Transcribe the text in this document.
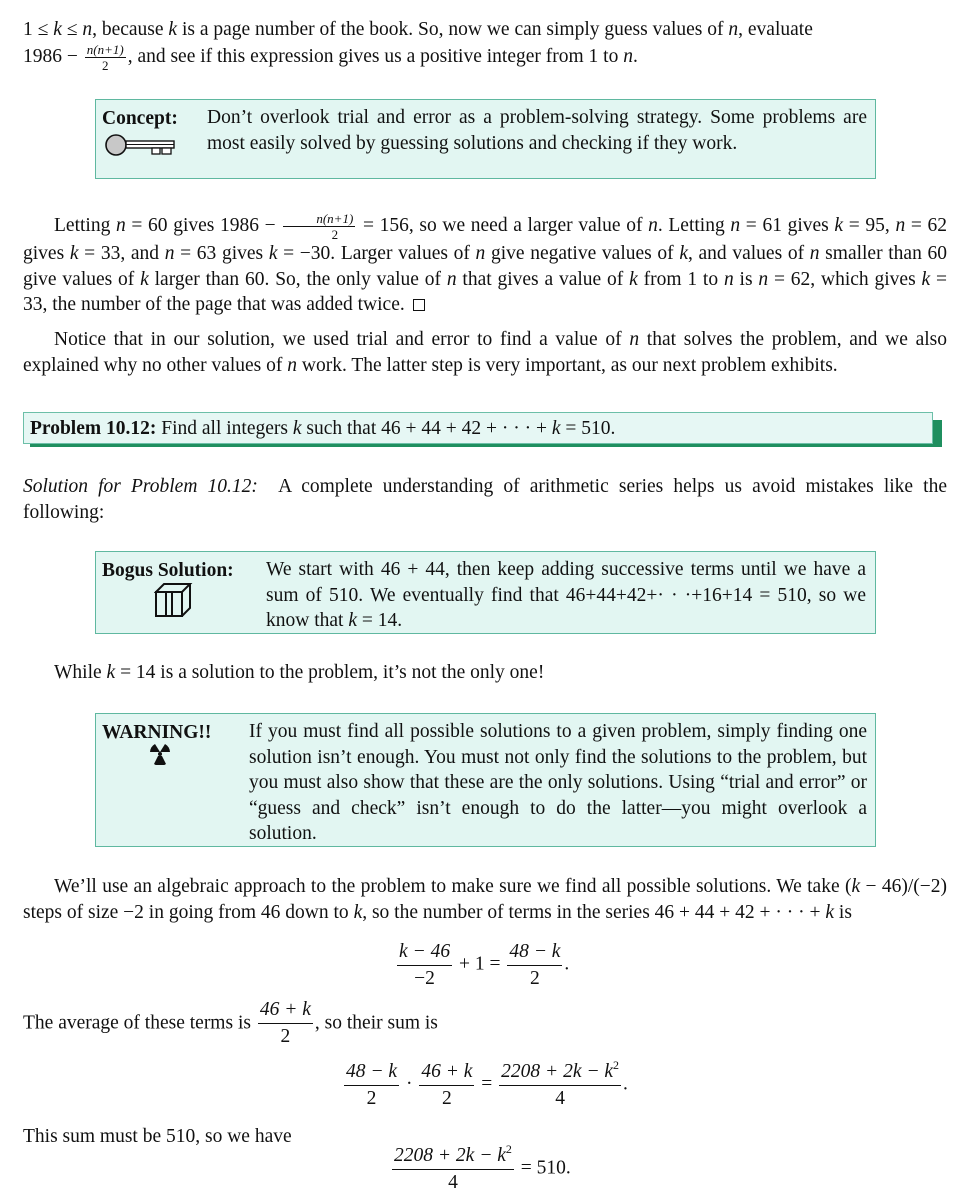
1 ≤ k ≤ n, because k is a page number of the book. So, now we can simply guess values of n, evaluate
$1986 - \frac{n(n+1)}{2}$ , and see if this expression gives us a positive integer from 1 to n.
Concept: Don’t overlook trial and error as a problem-solving strategy. Some problems are most easily solved by guessing solutions and checking if they work.
Letting n = 60 gives $1986 - \frac{n(n+1)}{2} = 156$, so we need a larger value of n. Letting n = 61 gives k = 95, n = 62 gives k = 33, and n = 63 gives k = −30. Larger values of n give negative values of k, and values of n smaller than 60 give values of k larger than 60. So, the only value of n that gives a value of k from 1 to n is n = 62, which gives k = 33, the number of the page that was added twice.
Notice that in our solution, we used trial and error to find a value of n that solves the problem, and we also explained why no other values of n work. The latter step is very important, as our next problem exhibits.
Problem 10.12: Find all integers k such that 46 + 44 + 42 + · · · + k = 510.
Solution for Problem 10.12: A complete understanding of arithmetic series helps us avoid mistakes like the following:
Bogus Solution: We start with 46 + 44, then keep adding successive terms until we have a sum of 510. We eventually find that 46+44+42+· · ·+16+14 = 510, so we know that k = 14.
While k = 14 is a solution to the problem, it’s not the only one!
WARNING!! If you must find all possible solutions to a given problem, simply finding one solution isn’t enough. You must not only find the solutions to the problem, but you must also show that these are the only solutions. Using “trial and error” or “guess and check” isn’t enough to do the latter—you might overlook a solution.
We’ll use an algebraic approach to the problem to make sure we find all possible solutions. We take (k − 46)/(−2) steps of size −2 in going from 46 down to k, so the number of terms in the series 46 + 44 + 42 + · · · + k is
$\frac{k - 46}{-2} + 1 = \frac{48 - k}{2}$ .
The average of these terms is $\frac{46 + k}{2}$ , so their sum is
$\frac{48 - k}{2} \cdot \frac{46 + k}{2} = \frac{2208 + 2k - k^2}{4}$ .
This sum must be 510, so we have
$\frac{2208 + 2k - k^2}{4} = 510$.
